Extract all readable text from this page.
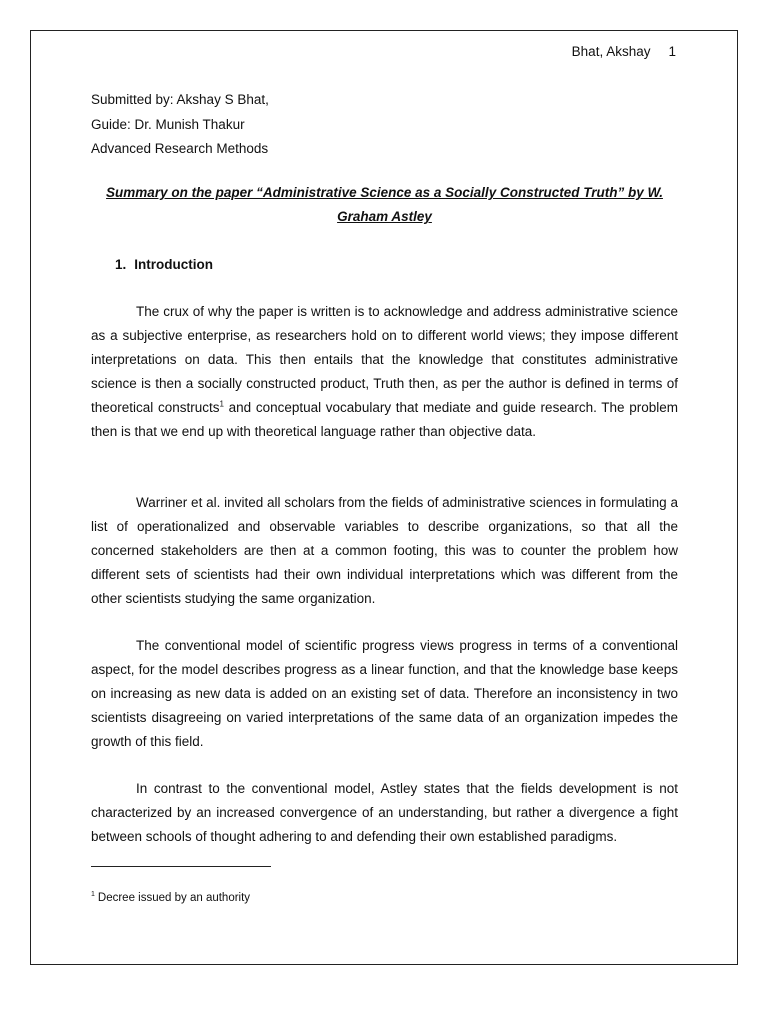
Bhat, Akshay 1
Submitted by: Akshay S Bhat,
Guide: Dr. Munish Thakur
Advanced Research Methods
Summary on the paper “Administrative Science as a Socially Constructed Truth” by W. Graham Astley
1. Introduction

The crux of why the paper is written is to acknowledge and address administrative science as a subjective enterprise, as researchers hold on to different world views; they impose different interpretations on data. This then entails that the knowledge that constitutes administrative science is then a socially constructed product, Truth then, as per the author is defined in terms of theoretical constructs$^1$ and conceptual vocabulary that mediate and guide research. The problem then is that we end up with theoretical language rather than objective data.

Warriner et al. invited all scholars from the fields of administrative sciences in formulating a list of operationalized and observable variables to describe organizations, so that all the concerned stakeholders are then at a common footing, this was to counter the problem how different sets of scientists had their own individual interpretations which was different from the other scientists studying the same organization.

The conventional model of scientific progress views progress in terms of a conventional aspect, for the model describes progress as a linear function, and that the knowledge base keeps on increasing as new data is added on an existing set of data. Therefore an inconsistency in two scientists disagreeing on varied interpretations of the same data of an organization impedes the growth of this field.

In contrast to the conventional model, Astley states that the fields development is not characterized by an increased convergence of an understanding, but rather a divergence a fight between schools of thought adhering to and defending their own established paradigms.

$^1$ Decree issued by an authority
